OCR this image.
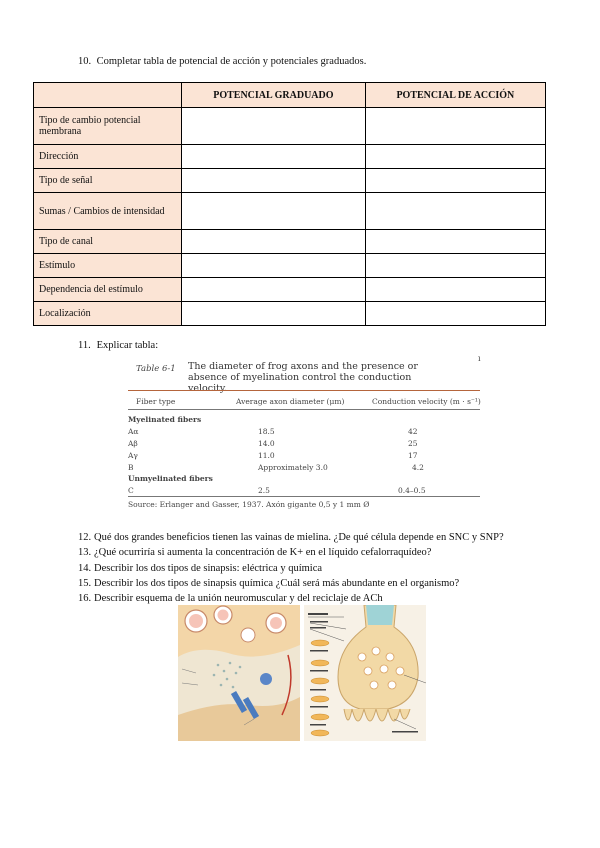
10. Completar tabla de potencial de acción y potenciales graduados.
	POTENCIAL GRADUADO	POTENCIAL DE ACCIÓN
Tipo de cambio potencial membrana		
Dirección		
Tipo de señal		
Sumas / Cambios de intensidad		
Tipo de canal		
Estímulo		
Dependencia del estímulo		
Localización		
11. Explicar tabla:
Table 6-1 The diameter of frog axons and the presence or absence of myelination control the conduction velocity.
ı
Fiber type	Average axon diameter (μm)	Conduction velocity (m · s⁻¹)
Myelinated fibers
Aα	18.5	42
Aβ	14.0	25
Aγ	11.0	17
B	Approximately 3.0	4.2
Unmyelinated fibers
C	2.5	0.4–0.5
Source: Erlanger and Gasser, 1937. Axón gigante 0,5 y 1 mm Ø
12. Qué dos grandes beneficios tienen las vainas de mielina. ¿De qué célula depende en SNC y SNP?
13. ¿Qué ocurriría si aumenta la concentración de K+ en el líquido cefalorraquídeo?
14. Describir los dos tipos de sinapsis: eléctrica y química
15. Describir los dos tipos de sinapsis química ¿Cuál será más abundante en el organismo?
16. Describir esquema de la unión neuromuscular y del reciclaje de ACh
